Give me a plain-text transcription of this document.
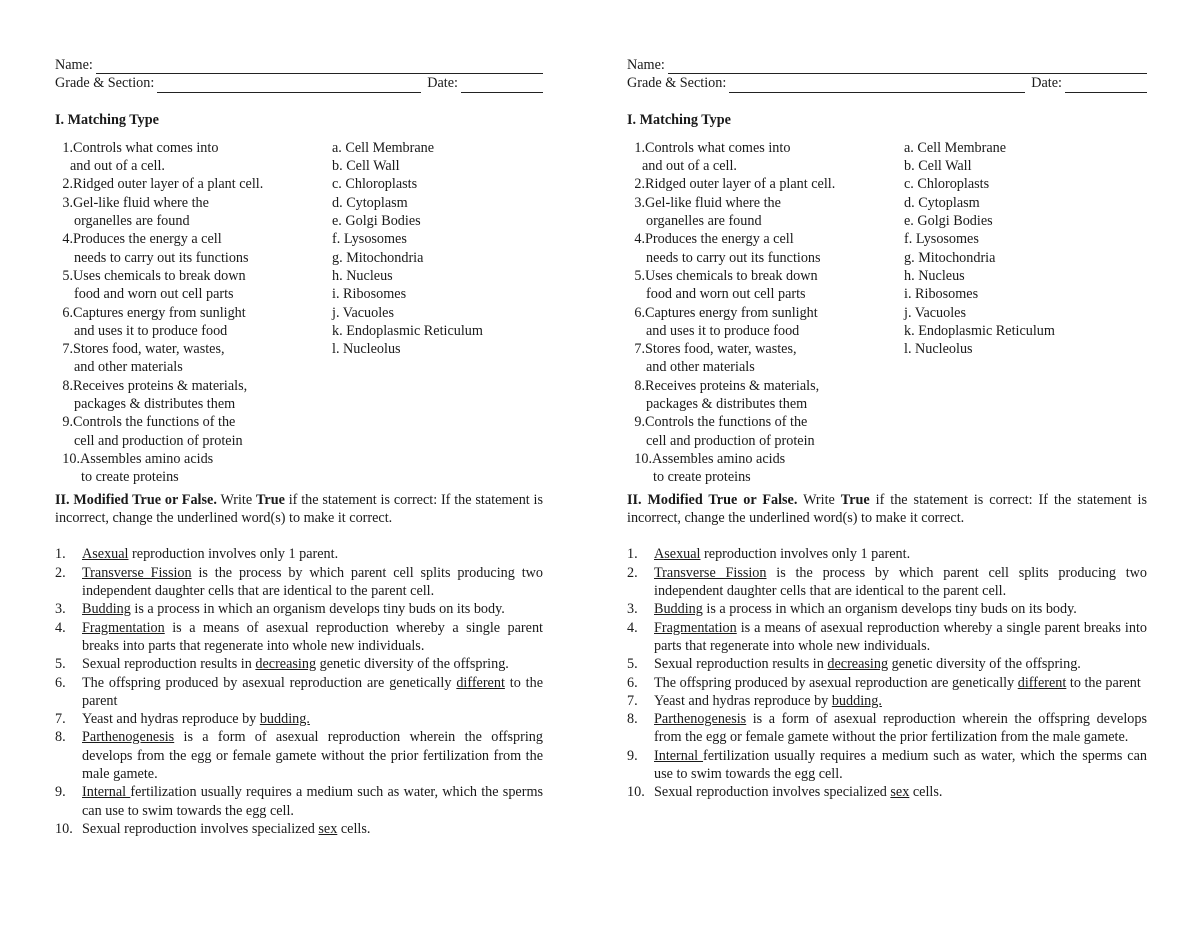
Name:
Grade & Section:	Date:
I. Matching Type
1. Controls what comes into
and out of a cell.
2. Ridged outer layer of a plant cell.
3. Gel-like fluid where the
organelles are found
4. Produces the energy a cell
needs to carry out its functions
5. Uses chemicals to break down
food and worn out cell parts
6. Captures energy from sunlight
and uses it to produce food
7. Stores food, water, wastes,
and other materials
8. Receives proteins & materials,
packages & distributes them
9. Controls the functions of the
cell and production of protein
10. Assembles amino acids
to create proteins
a. Cell Membrane
b. Cell Wall
c. Chloroplasts
d. Cytoplasm
e. Golgi Bodies
f. Lysosomes
g. Mitochondria
h. Nucleus
i. Ribosomes
j. Vacuoles
k. Endoplasmic Reticulum
l. Nucleolus
II. Modified True or False. Write True if the statement is correct: If the statement is incorrect, change the underlined word(s) to make it correct.
1.	Asexual reproduction involves only 1 parent.
2.	Transverse Fission is the process by which parent cell splits producing two independent daughter cells that are identical to the parent cell.
3.	Budding is a process in which an organism develops tiny buds on its body.
4.	Fragmentation is a means of asexual reproduction whereby a single parent breaks into parts that regenerate into whole new individuals.
5.	Sexual reproduction results in decreasing genetic diversity of the offspring.
6.	The offspring produced by asexual reproduction are genetically different to the parent
7.	Yeast and hydras reproduce by budding.
8.	Parthenogenesis is a form of asexual reproduction wherein the offspring develops from the egg or female gamete without the prior fertilization from the male gamete.
9.	Internal fertilization usually requires a medium such as water, which the sperms can use to swim towards the egg cell.
10. Sexual reproduction involves specialized sex cells.
Name:
Grade & Section:	Date:
I. Matching Type
1. Controls what comes into
and out of a cell.
2. Ridged outer layer of a plant cell.
3. Gel-like fluid where the
organelles are found
4. Produces the energy a cell
needs to carry out its functions
5. Uses chemicals to break down
food and worn out cell parts
6. Captures energy from sunlight
and uses it to produce food
7. Stores food, water, wastes,
and other materials
8. Receives proteins & materials,
packages & distributes them
9. Controls the functions of the
cell and production of protein
10. Assembles amino acids
to create proteins
a. Cell Membrane
b. Cell Wall
c. Chloroplasts
d. Cytoplasm
e. Golgi Bodies
f. Lysosomes
g. Mitochondria
h. Nucleus
i. Ribosomes
j. Vacuoles
k. Endoplasmic Reticulum
l. Nucleolus
II. Modified True or False. Write True if the statement is correct: If the statement is incorrect, change the underlined word(s) to make it correct.
1.	Asexual reproduction involves only 1 parent.
2.	Transverse Fission is the process by which parent cell splits producing two independent daughter cells that are identical to the parent cell.
3.	Budding is a process in which an organism develops tiny buds on its body.
4.	Fragmentation is a means of asexual reproduction whereby a single parent breaks into parts that regenerate into whole new individuals.
5.	Sexual reproduction results in decreasing genetic diversity of the offspring.
6.	The offspring produced by asexual reproduction are genetically different to the parent
7.	Yeast and hydras reproduce by budding.
8.	Parthenogenesis is a form of asexual reproduction wherein the offspring develops from the egg or female gamete without the prior fertilization from the male gamete.
9.	Internal fertilization usually requires a medium such as water, which the sperms can use to swim towards the egg cell.
10. Sexual reproduction involves specialized sex cells.
